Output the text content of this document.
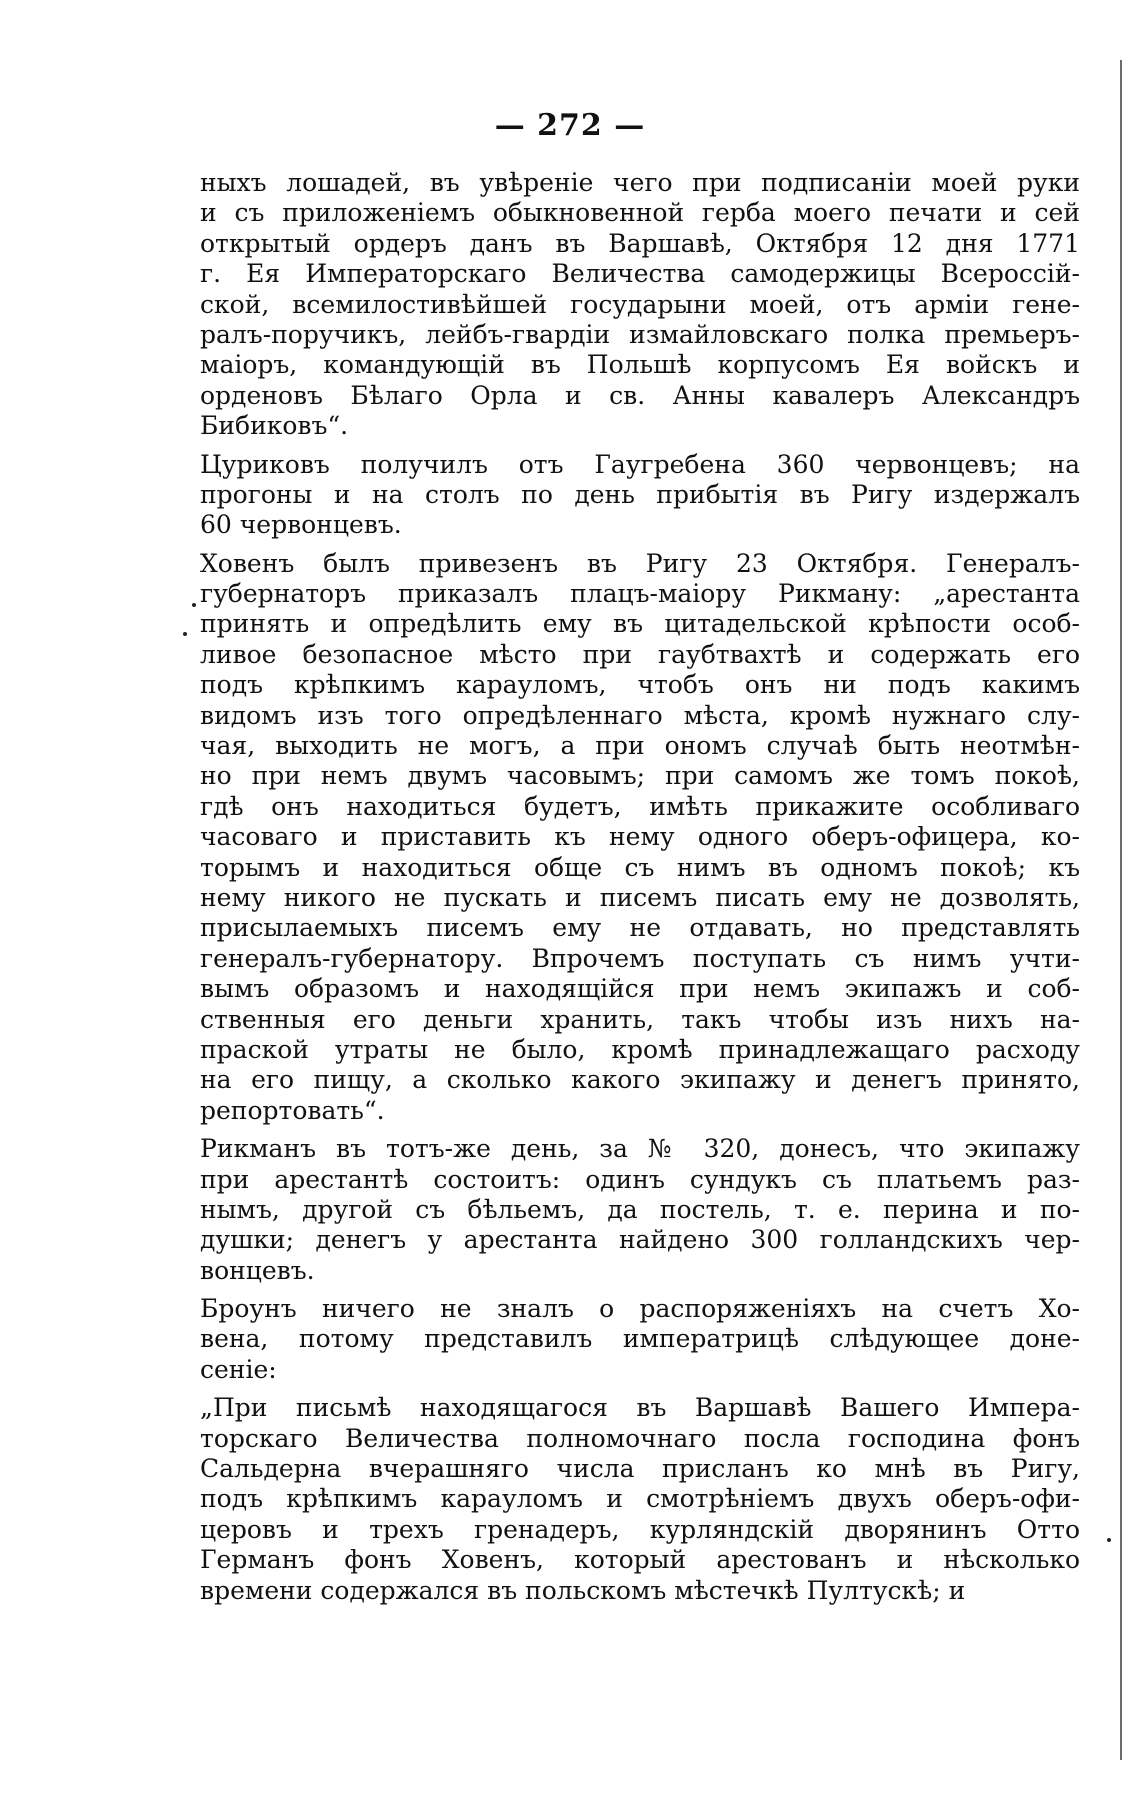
— 272 —
ныхъ лошадей, въ увѣреніе чего при подписаніи моей руки
и съ приложеніемъ обыкновенной герба моего печати и сей
открытый ордеръ данъ въ Варшавѣ, Октября 12 дня 1771
г. Ея Императорскаго Величества самодержицы Всероссій-
ской, всемилостивѣйшей государыни моей, отъ арміи гене-
ралъ-поручикъ, лейбъ-гвардіи измайловскаго полка премьеръ-
маіоръ, командующій въ Польшѣ корпусомъ Ея войскъ и
орденовъ Бѣлаго Орла и св. Анны кавалеръ Александръ
Бибиковъ“.
Цуриковъ получилъ отъ Гаугребена 360 червонцевъ; на
прогоны и на столъ по день прибытія въ Ригу издержалъ
60 червонцевъ.
Ховенъ былъ привезенъ въ Ригу 23 Октября. Генералъ-
губернаторъ приказалъ плацъ-маіору Рикману: „арестанта
принять и опредѣлить ему въ цитадельской крѣпости особ-
ливое безопасное мѣсто при гаубтвахтѣ и содержать его
подъ крѣпкимъ карауломъ, чтобъ онъ ни подъ какимъ
видомъ изъ того опредѣленнаго мѣста, кромѣ нужнаго слу-
чая, выходить не могъ, а при ономъ случаѣ быть неотмѣн-
но при немъ двумъ часовымъ; при самомъ же томъ покоѣ,
гдѣ онъ находиться будетъ, имѣть прикажите особливаго
часоваго и приставить къ нему одного оберъ-офицера, ко-
торымъ и находиться обще съ нимъ въ одномъ покоѣ; къ
нему никого не пускать и писемъ писать ему не дозволять,
присылаемыхъ писемъ ему не отдавать, но представлять
генералъ-губернатору. Впрочемъ поступать съ нимъ учти-
вымъ образомъ и находящійся при немъ экипажъ и соб-
ственныя его деньги хранить, такъ чтобы изъ нихъ на-
праской утраты не было, кромѣ принадлежащаго расходу
на его пищу, а сколько какого экипажу и денегъ принято,
репортовать“.
Рикманъ въ тотъ-же день, за № 320, донесъ, что экипажу
при арестантѣ состоитъ: одинъ сундукъ съ платьемъ раз-
нымъ, другой съ бѣльемъ, да постель, т. е. перина и по-
душки; денегъ у арестанта найдено 300 голландскихъ чер-
вонцевъ.
Броунъ ничего не зналъ о распоряженіяхъ на счетъ Хо-
вена, потому представилъ императрицѣ слѣдующее доне-
сеніе:
„При письмѣ находящагося въ Варшавѣ Вашего Импера-
торскаго Величества полномочнаго посла господина фонъ
Сальдерна вчерашняго числа присланъ ко мнѣ въ Ригу,
подъ крѣпкимъ карауломъ и смотрѣніемъ двухъ оберъ-офи-
церовъ и трехъ гренадеръ, курляндскій дворянинъ Отто
Германъ фонъ Ховенъ, который арестованъ и нѣсколько
времени содержался въ польскомъ мѣстечкѣ Пултускѣ; и
